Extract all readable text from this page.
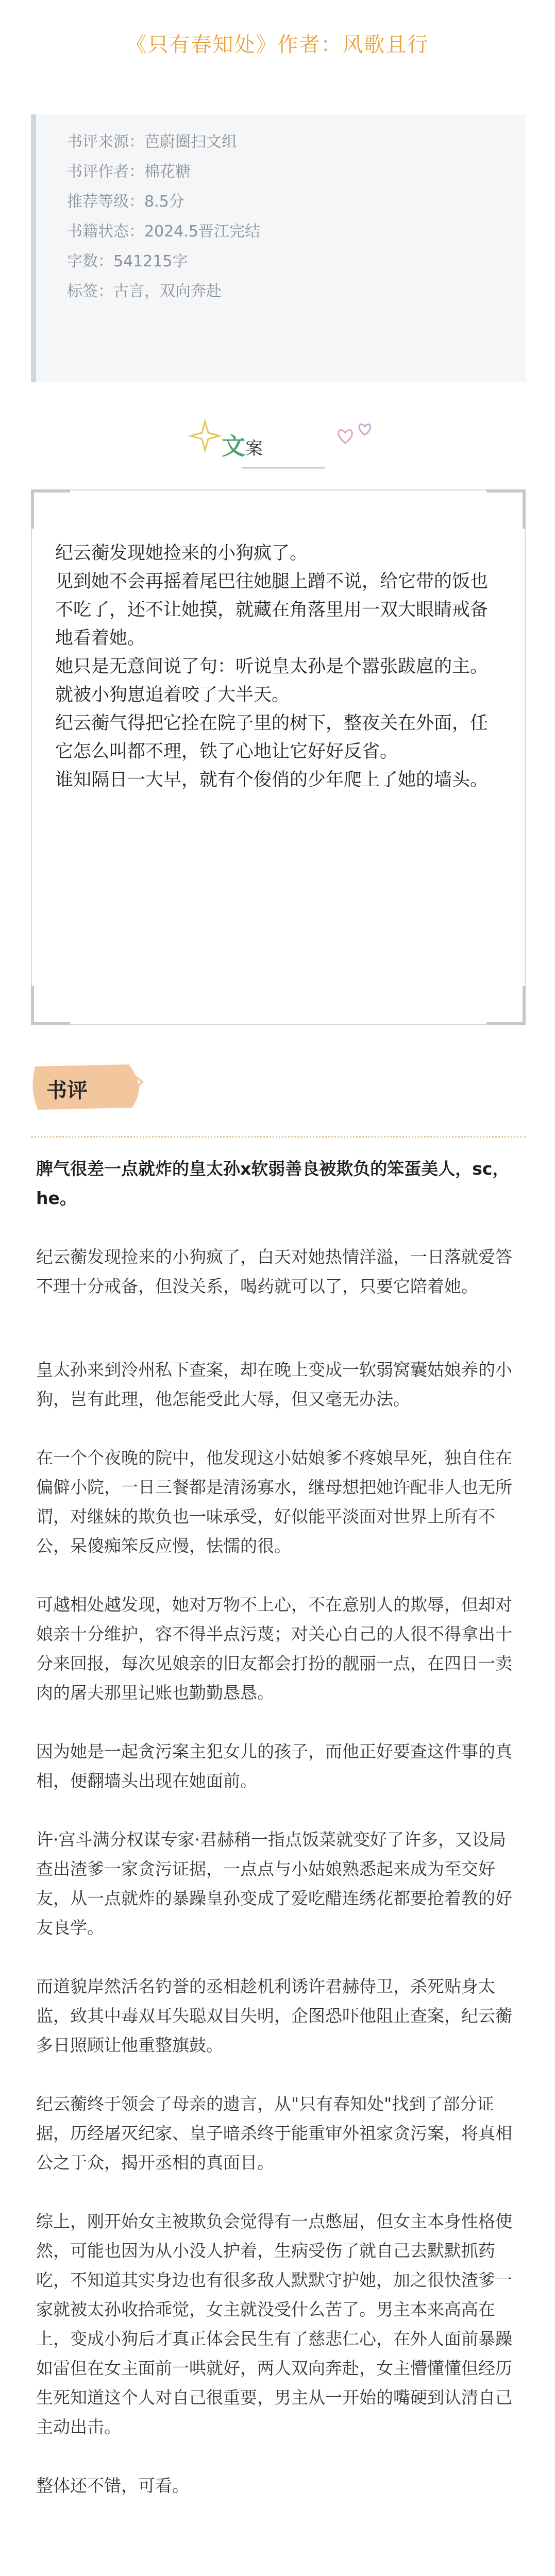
《只有春知处》作者：风歌且行
书评来源：芭蔚圈扫文组
书评作者：棉花糖
推荐等级：8.5分
书籍状态：2024.5晋江完结
字数：541215字
标签：古言，双向奔赴
文案
纪云蘅发现她捡来的小狗疯了。
见到她不会再摇着尾巴往她腿上蹭不说，给它带的饭也不吃了，还不让她摸，就藏在角落里用一双大眼睛戒备地看着她。
她只是无意间说了句：听说皇太孙是个嚣张跋扈的主。
就被小狗崽追着咬了大半天。
纪云蘅气得把它拴在院子里的树下，整夜关在外面，任它怎么叫都不理，铁了心地让它好好反省。
谁知隔日一大早，就有个俊俏的少年爬上了她的墙头。
书评

脾气很差一点就炸的皇太孙x软弱善良被欺负的笨蛋美人，sc，he。

纪云蘅发现捡来的小狗疯了，白天对她热情洋溢，一日落就爱答不理十分戒备，但没关系，喝药就可以了，只要它陪着她。

皇太孙来到泠州私下查案，却在晚上变成一软弱窝囊姑娘养的小狗，岂有此理，他怎能受此大辱，但又毫无办法。

在一个个夜晚的院中，他发现这小姑娘爹不疼娘早死，独自住在偏僻小院，一日三餐都是清汤寡水，继母想把她许配非人也无所谓，对继妹的欺负也一味承受，好似能平淡面对世界上所有不公，呆傻痴笨反应慢，怯懦的很。

可越相处越发现，她对万物不上心，不在意别人的欺辱，但却对娘亲十分维护，容不得半点污蔑；对关心自己的人很不得拿出十分来回报，每次见娘亲的旧友都会打扮的靓丽一点，在四日一卖肉的屠夫那里记账也勤勤恳恳。

因为她是一起贪污案主犯女儿的孩子，而他正好要查这件事的真相，便翻墙头出现在她面前。

许·宫斗满分权谋专家·君赫稍一指点饭菜就变好了许多，又设局查出渣爹一家贪污证据，一点点与小姑娘熟悉起来成为至交好友，从一点就炸的暴躁皇孙变成了爱吃醋连绣花都要抢着教的好友良学。

而道貌岸然活名钓誉的丞相趁机利诱许君赫侍卫，杀死贴身太监，致其中毒双耳失聪双目失明，企图恐吓他阻止查案，纪云蘅多日照顾让他重整旗鼓。

纪云蘅终于领会了母亲的遗言，从"只有春知处"找到了部分证据，历经屠灭纪家、皇子暗杀终于能重审外祖家贪污案，将真相公之于众，揭开丞相的真面目。

综上，刚开始女主被欺负会觉得有一点憋屈，但女主本身性格使然，可能也因为从小没人护着，生病受伤了就自己去默默抓药吃，不知道其实身边也有很多敌人默默守护她，加之很快渣爹一家就被太孙收拾乖觉，女主就没受什么苦了。男主本来高高在上，变成小狗后才真正体会民生有了慈悲仁心，在外人面前暴躁如雷但在女主面前一哄就好，两人双向奔赴，女主懵懂懂但经历生死知道这个人对自己很重要，男主从一开始的嘴硬到认清自己主动出击。

整体还不错，可看。
